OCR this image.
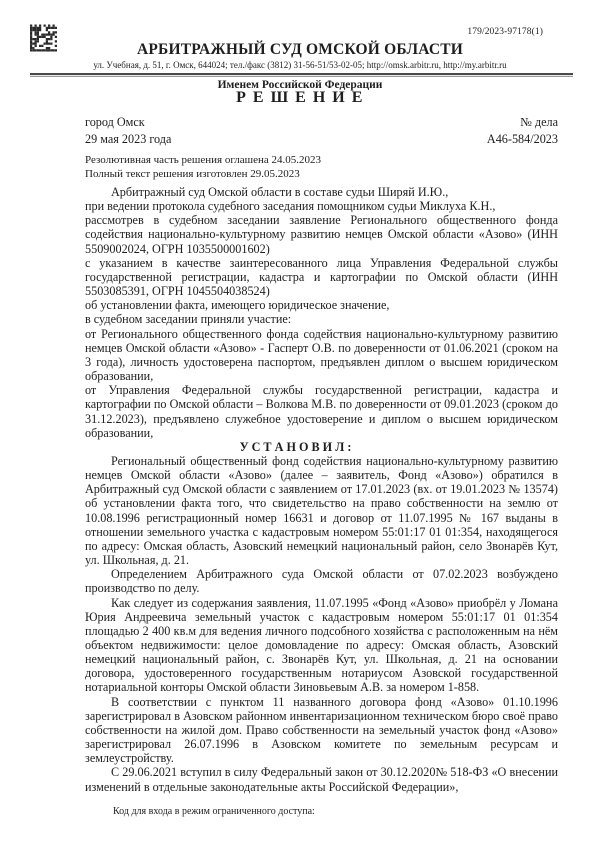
179/2023-97178(1)
АРБИТРАЖНЫЙ СУД ОМСКОЙ ОБЛАСТИ
ул. Учебная, д. 51, г. Омск, 644024; тел./факс (3812) 31-56-51/53-02-05; http://omsk.arbitr.ru, http://my.arbitr.ru
Именем Российской Федерации
Р Е Ш Е Н И Е
город Омск
29 мая 2023 года
№ дела
А46-584/2023
Резолютивная часть решения оглашена 24.05.2023
Полный текст решения изготовлен 29.05.2023

Арбитражный суд Омской области в составе судьи Ширяй И.Ю.,

при ведении протокола судебного заседания помощником судьи Миклуха К.Н.,

рассмотрев в судебном заседании заявление Регионального общественного фонда содействия национально-культурному развитию немцев Омской области «Азово» (ИНН 5509002024, ОГРН 1035500001602)

с указанием в качестве заинтересованного лица Управления Федеральной службы государственной регистрации, кадастра и картографии по Омской области (ИНН 5503085391, ОГРН 1045504038524)

об установлении факта, имеющего юридическое значение,

в судебном заседании приняли участие:

от Регионального общественного фонда содействия национально-культурному развитию немцев Омской области «Азово» - Гасперт О.В. по доверенности от 01.06.2021 (сроком на 3 года), личность удостоверена паспортом, предъявлен диплом о высшем юридическом образовании,

от Управления Федеральной службы государственной регистрации, кадастра и картографии по Омской области – Волкова М.В. по доверенности от 09.01.2023 (сроком до 31.12.2023), предъявлено служебное удостоверение и диплом о высшем юридическом образовании,

У С Т А Н О В И Л :

Региональный общественный фонд содействия национально-культурному развитию немцев Омской области «Азово» (далее – заявитель, Фонд «Азово») обратился в Арбитражный суд Омской области с заявлением от 17.01.2023 (вх. от 19.01.2023 № 13574) об установлении факта того, что свидетельство на право собственности на землю от 10.08.1996 регистрационный номер 16631 и договор от 11.07.1995 № 167 выданы в отношении земельного участка с кадастровым номером 55:01:17 01 01:354, находящегося по адресу: Омская область, Азовский немецкий национальный район, село Звонарёв Кут, ул. Школьная, д. 21.

Определением Арбитражного суда Омской области от 07.02.2023 возбуждено производство по делу.

Как следует из содержания заявления, 11.07.1995 «Фонд «Азово» приобрёл у Ломана Юрия Андреевича земельный участок с кадастровым номером 55:01:17 01 01:354 площадью 2 400 кв.м для ведения личного подсобного хозяйства с расположенным на нём объектом недвижимости: целое домовладение по адресу: Омская область, Азовский немецкий национальный район, с. Звонарёв Кут, ул. Школьная, д. 21 на основании договора, удостоверенного государственным нотариусом Азовской государственной нотариальной конторы Омской области Зиновьевым А.В. за номером 1-858.

В соответствии с пунктом 11 названного договора фонд «Азово» 01.10.1996 зарегистрировал в Азовском районном инвентаризационном техническом бюро своё право собственности на жилой дом. Право собственности на земельный участок фонд «Азово» зарегистрировал 26.07.1996 в Азовском комитете по земельным ресурсам и землеустройству.

С 29.06.2021 вступил в силу Федеральный закон от 30.12.2020№ 518-ФЗ «О внесении изменений в отдельные законодательные акты Российской Федерации»,

Код для входа в режим ограниченного доступа:
